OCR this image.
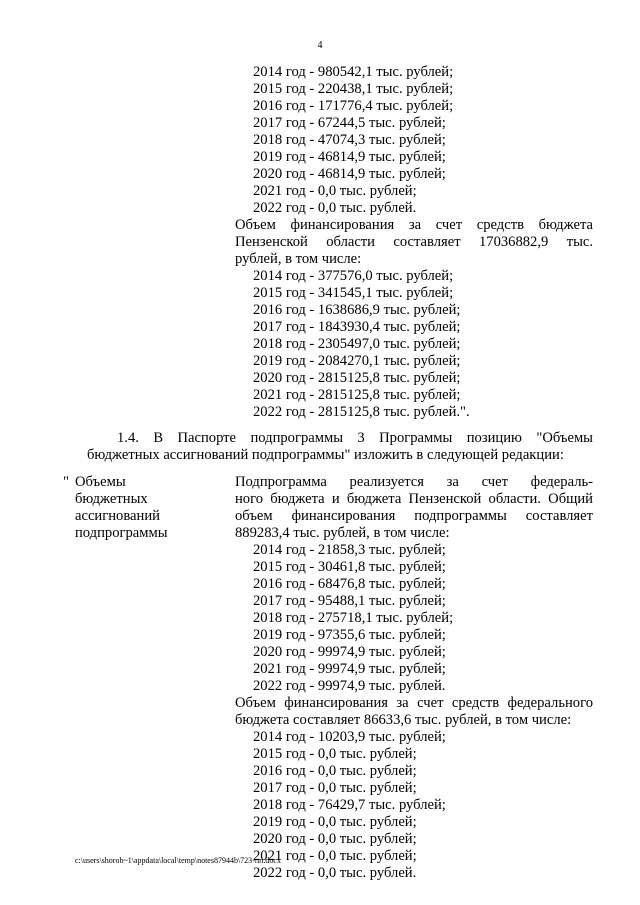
4
2014 год - 980542,1 тыс. рублей;
2015 год - 220438,1 тыс. рублей;
2016 год - 171776,4 тыс. рублей;
2017 год - 67244,5 тыс. рублей;
2018 год - 47074,3 тыс. рублей;
2019 год - 46814,9 тыс. рублей;
2020 год - 46814,9 тыс. рублей;
2021 год - 0,0 тыс. рублей;
2022 год - 0,0 тыс. рублей.
Объем финансирования за счет средств бюджета
Пензенской области составляет 17036882,9 тыс.
рублей, в том числе:
2014 год - 377576,0 тыс. рублей;
2015 год - 341545,1 тыс. рублей;
2016 год - 1638686,9 тыс. рублей;
2017 год - 1843930,4 тыс. рублей;
2018 год - 2305497,0 тыс. рублей;
2019 год - 2084270,1 тыс. рублей;
2020 год - 2815125,8 тыс. рублей;
2021 год - 2815125,8 тыс. рублей;
2022 год - 2815125,8 тыс. рублей.".
1.4. В Паспорте подпрограммы 3 Программы позицию "Объемы
бюджетных ассигнований подпрограммы" изложить в следующей редакции:
" Объемы
бюджетных
ассигнований
подпрограммы
Подпрограмма реализуется за счет федераль-
ного бюджета и бюджета Пензенской области. Общий
объем финансирования подпрограммы составляет
889283,4 тыс. рублей, в том числе:
2014 год - 21858,3 тыс. рублей;
2015 год - 30461,8 тыс. рублей;
2016 год - 68476,8 тыс. рублей;
2017 год - 95488,1 тыс. рублей;
2018 год - 275718,1 тыс. рублей;
2019 год - 97355,6 тыс. рублей;
2020 год - 99974,9 тыс. рублей;
2021 год - 99974,9 тыс. рублей;
2022 год - 99974,9 тыс. рублей.
Объем финансирования за счет средств федерального
бюджета составляет 86633,6 тыс. рублей, в том числе:
2014 год - 10203,9 тыс. рублей;
2015 год - 0,0 тыс. рублей;
2016 год - 0,0 тыс. рублей;
2017 год - 0,0 тыс. рублей;
2018 год - 76429,7 тыс. рублей;
2019 год - 0,0 тыс. рублей;
2020 год - 0,0 тыс. рублей;
2021 год - 0,0 тыс. рублей;
2022 год - 0,0 тыс. рублей.
c:\users\shorob~1\appdata\local\temp\notes87944b\723-пп.docx
